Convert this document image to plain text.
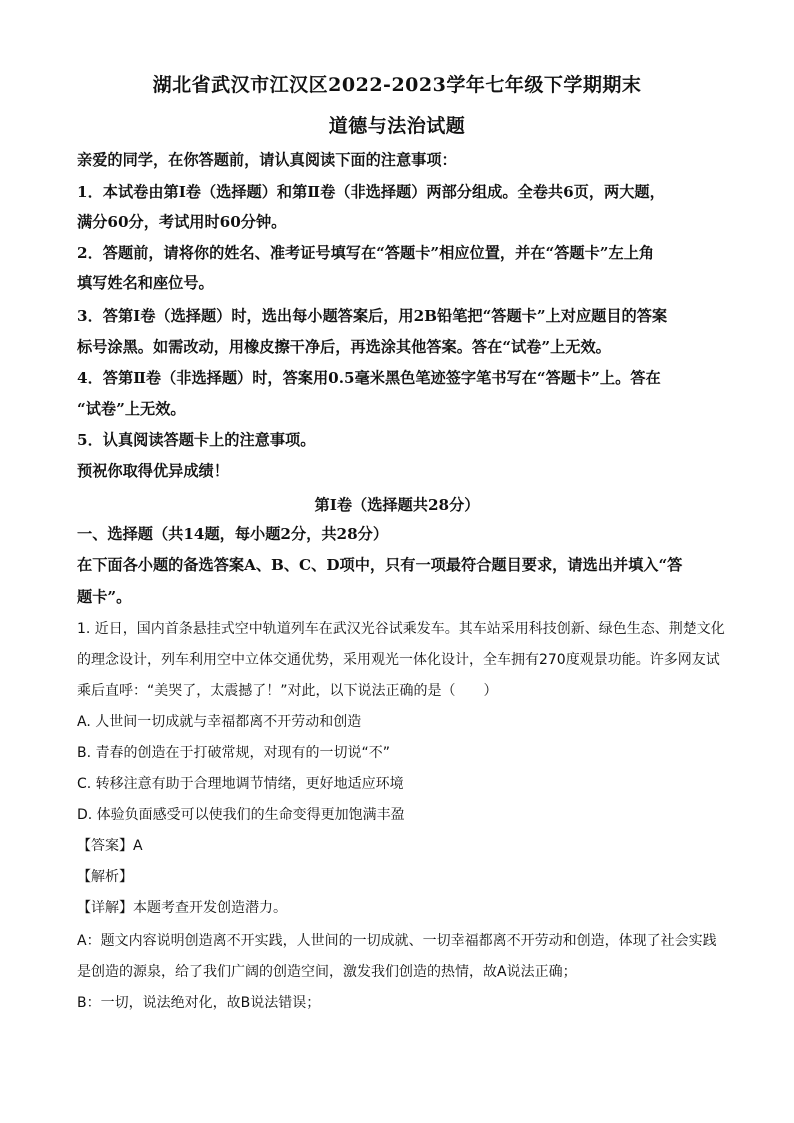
湖北省武汉市江汉区2022-2023学年七年级下学期期末
道德与法治试题
亲爱的同学，在你答题前，请认真阅读下面的注意事项：
1．本试卷由第Ⅰ卷（选择题）和第Ⅱ卷（非选择题）两部分组成。全卷共6页，两大题，
满分60分，考试用时60分钟。
2．答题前，请将你的姓名、准考证号填写在“答题卡”相应位置，并在“答题卡”左上角
填写姓名和座位号。
3．答第Ⅰ卷（选择题）时，选出每小题答案后，用2B铅笔把“答题卡”上对应题目的答案
标号涂黑。如需改动，用橡皮擦干净后，再选涂其他答案。答在“试卷”上无效。
4．答第Ⅱ卷（非选择题）时，答案用0.5毫米黑色笔迹签字笔书写在“答题卡”上。答在
“试卷”上无效。
5．认真阅读答题卡上的注意事项。
预祝你取得优异成绩！
第Ⅰ卷（选择题共28分）
一、选择题（共14题，每小题2分，共28分）
在下面各小题的备选答案A、B、C、D项中，只有一项最符合题目要求，请选出并填入“答
题卡”。
1. 近日，国内首条悬挂式空中轨道列车在武汉光谷试乘发车。其车站采用科技创新、绿色生态、荆楚文化
的理念设计，列车利用空中立体交通优势，采用观光一体化设计，全车拥有270度观景功能。许多网友试
乘后直呼：“美哭了，太震撼了！”对此，以下说法正确的是（　　）
A. 人世间一切成就与幸福都离不开劳动和创造
B. 青春的创造在于打破常规，对现有的一切说“不”
C. 转移注意有助于合理地调节情绪，更好地适应环境
D. 体验负面感受可以使我们的生命变得更加饱满丰盈
【答案】A
【解析】
【详解】本题考查开发创造潜力。
A：题文内容说明创造离不开实践，人世间的一切成就、一切幸福都离不开劳动和创造，体现了社会实践
是创造的源泉，给了我们广阔的创造空间，激发我们创造的热情，故A说法正确；
B：一切，说法绝对化，故B说法错误；
